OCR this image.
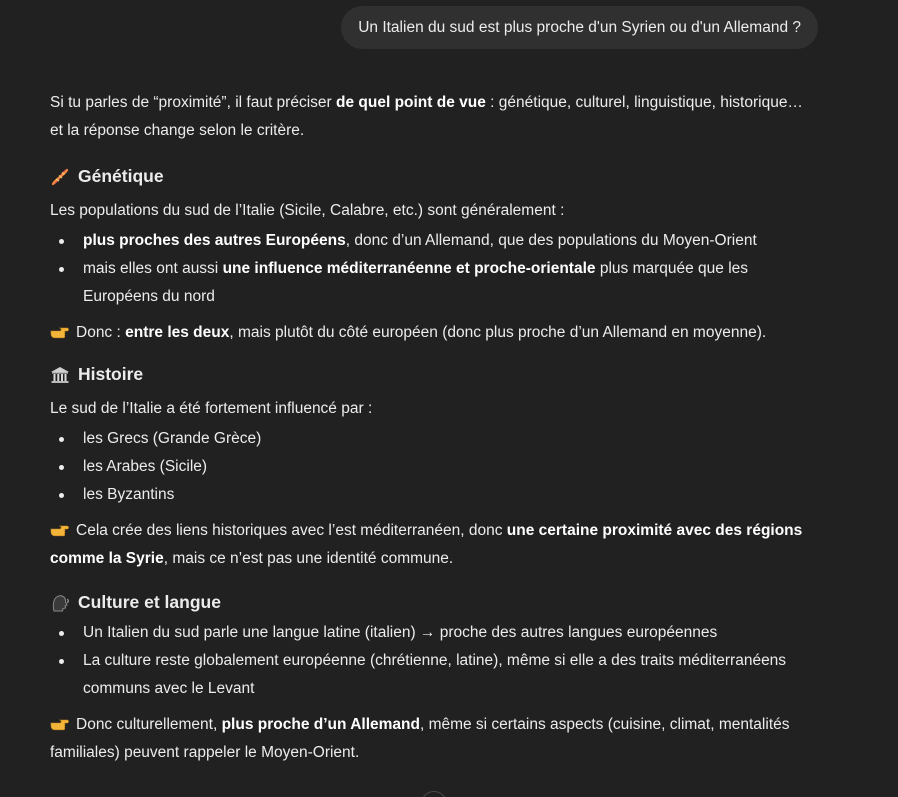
Un Italien du sud est plus proche d'un Syrien ou d'un Allemand ?

Si tu parles de “proximité”, il faut préciser de quel point de vue : génétique, culturel, linguistique, historique… et la réponse change selon le critère.

Génétique

Les populations du sud de l’Italie (Sicile, Calabre, etc.) sont généralement :

plus proches des autres Européens, donc d’un Allemand, que des populations du Moyen-Orient
mais elles ont aussi une influence méditerranéenne et proche-orientale plus marquée que les Européens du nord

Donc : entre les deux, mais plutôt du côté européen (donc plus proche d’un Allemand en moyenne).

Histoire

Le sud de l’Italie a été fortement influencé par :

les Grecs (Grande Grèce)
les Arabes (Sicile)
les Byzantins

Cela crée des liens historiques avec l’est méditerranéen, donc une certaine proximité avec des régions comme la Syrie, mais ce n’est pas une identité commune.

Culture et langue
Un Italien du sud parle une langue latine (italien) → proche des autres langues européennes
La culture reste globalement européenne (chrétienne, latine), même si elle a des traits méditerranéens communs avec le Levant

Donc culturellement, plus proche d’un Allemand, même si certains aspects (cuisine, climat, mentalités familiales) peuvent rappeler le Moyen-Orient.
